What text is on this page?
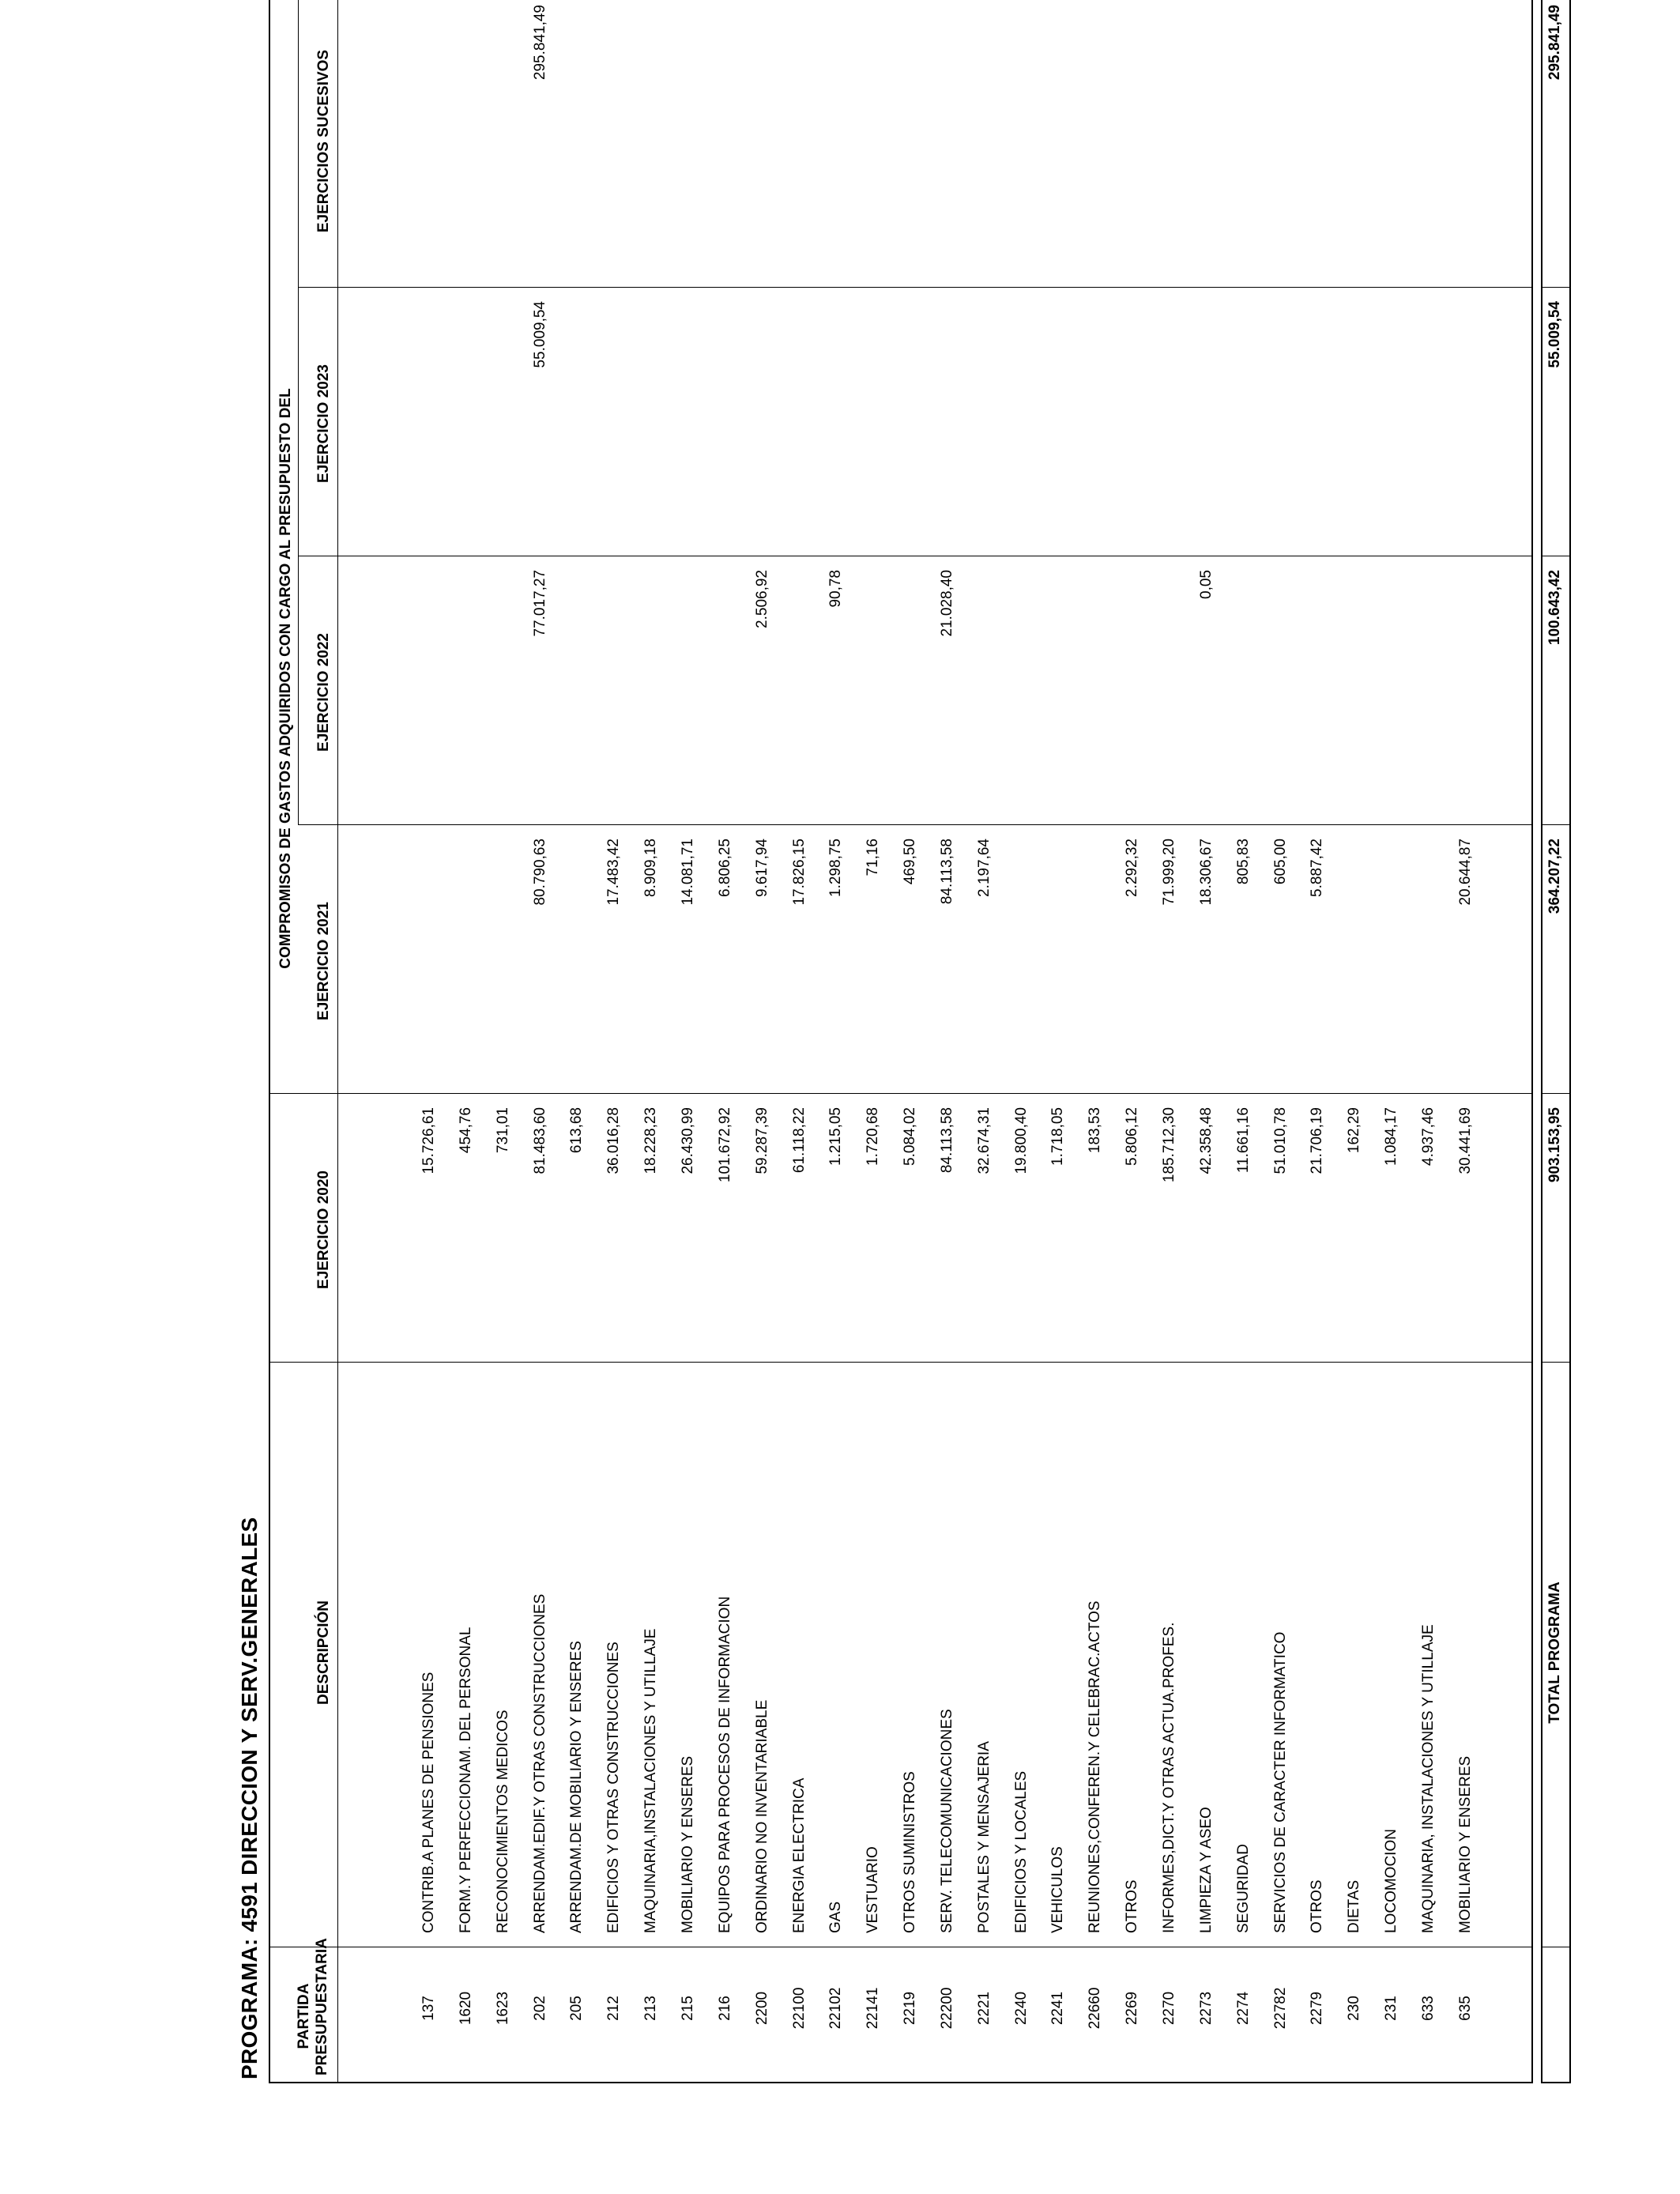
PROGRAMA: 4591 DIRECCION Y SERV.GENERALES PARTIDA PRESUPUESTARIA
DESCRIPCIÓN
COMPROMISOS DE GASTOS ADQUIRIDOS CON CARGO AL PRESUPUESTO DEL
EJERCICIO 2020
EJERCICIO 2021
EJERCICIO 2022
EJERCICIO 2023
EJERCICIOS SUCESIVOS
137
CONTRIB.A PLANES DE PENSIONES
15.726,61
1620
FORM.Y PERFECCIONAM. DEL PERSONAL
454,76
1623
RECONOCIMIENTOS MEDICOS
731,01
202
ARRENDAM.EDIF.Y OTRAS CONSTRUCCIONES
81.483,60
80.790,63
77.017,27
55.009,54
295.841,49
205
ARRENDAM.DE MOBILIARIO Y ENSERES
613,68
212
EDIFICIOS Y OTRAS CONSTRUCCIONES
36.016,28
17.483,42
213
MAQUINARIA,INSTALACIONES Y UTILLAJE
18.228,23
8.909,18
215
MOBILIARIO Y ENSERES
26.430,99
14.081,71
216
EQUIPOS PARA PROCESOS DE INFORMACION
101.672,92
6.806,25
2200
ORDINARIO NO INVENTARIABLE
59.287,39
9.617,94
2.506,92
22100
ENERGIA ELECTRICA
61.118,22
17.826,15
22102
GAS
1.215,05
1.298,75
90,78
22141
VESTUARIO
1.720,68
71,16
2219
OTROS SUMINISTROS
5.084,02
469,50
22200
SERV. TELECOMUNICACIONES
84.113,58
84.113,58
21.028,40
2221
POSTALES Y MENSAJERIA
32.674,31
2.197,64
2240
EDIFICIOS Y LOCALES
19.800,40
2241
VEHICULOS
1.718,05
22660
REUNIONES,CONFEREN.Y CELEBRAC.ACTOS
183,53
2269
OTROS
5.806,12
2.292,32
2270
INFORMES,DICT.Y OTRAS ACTUA.PROFES.
185.712,30
71.999,20
2273
LIMPIEZA Y ASEO
42.358,48
18.306,67
0,05
2274
SEGURIDAD
11.661,16
805,83
22782
SERVICIOS DE CARACTER INFORMATICO
51.010,78
605,00
2279
OTROS
21.706,19
5.887,42
230
DIETAS
162,29
231
LOCOMOCION
1.084,17
633
MAQUINARIA, INSTALACIONES Y UTILLAJE
4.937,46
635
MOBILIARIO Y ENSERES
30.441,69
20.644,87
TOTAL PROGRAMA
903.153,95
364.207,22
100.643,42
55.009,54
295.841,49
